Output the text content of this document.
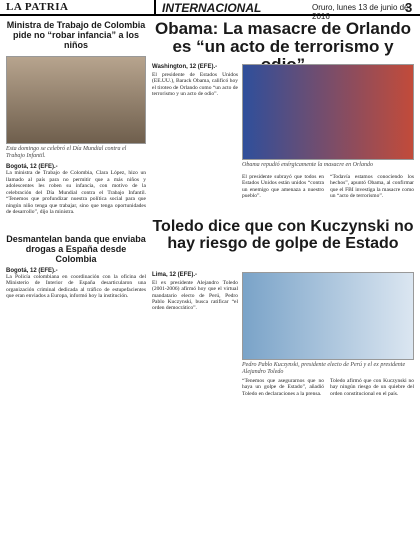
LA PATRIA	INTERNACIONAL	Oruro, lunes 13 de junio de 2016
3
Ministra de Trabajo de Colombia pide no “robar infancia” a los niños
Esta domingo se celebró el Día Mundial contra el Trabajo Infantil.
Bogotá, 12 (EFE).-
La ministra de Trabajo de Colombia, Clara López, hizo un llamado al país para no permitir que a más niños y adolescentes les roben su infancia, con motivo de la celebración del Día Mundial contra el Trabajo Infantil. “Tenemos que profundizar nuestra política social para que ningún niño tenga que trabajar, sino que tenga oportunidades de desarrollo”, dijo la ministra.
Desmantelan banda que enviaba drogas a España desde Colombia
Bogotá, 12 (EFE).-
La Policía colombiana en coordinación con la oficina del Ministerio de Interior de España desarticularon una organización criminal dedicada al tráfico de estupefacientes que eran enviados a Europa, informó hoy la institución.
Obama: La masacre de Orlando es “un acto de terrorismo y
Washington, 12 (EFE).-
El presidente de Estados Unidos (EE.UU.), Barack Obama, calificó hoy el tiroteo de Orlando como “un acto de terrorismo y un acto de odio”.
Obama repudió enérgicamente la masacre en Orlando
El presidente subrayó que todos en Estados Unidos están unidos “contra un enemigo que amenaza a nuestro pueblo”.
“Todavía estamos conociendo los hechos”, apuntó Obama, al confirmar que el FBI investiga la masacre como un “acto de terrorismo”.
Toledo dice que con Kuczynski no hay riesgo de golpe de Estado
Lima, 12 (EFE).-
El ex presidente Alejandro Toledo (2001-2006) afirmó hoy que el virtual mandatario electo de Perú, Pedro Pablo Kuczynski, busca ratificar “el orden democrático”.
Pedro Pablo Kuczynski, presidente electo de Perú y el ex presidente Alejandro Toledo
“Tenemos que asegurarnos que no haya un golpe de Estado”, añadió Toledo en declaraciones a la prensa.
Toledo afirmó que con Kuczynski no hay ningún riesgo de un quiebre del orden constitucional en el país.
